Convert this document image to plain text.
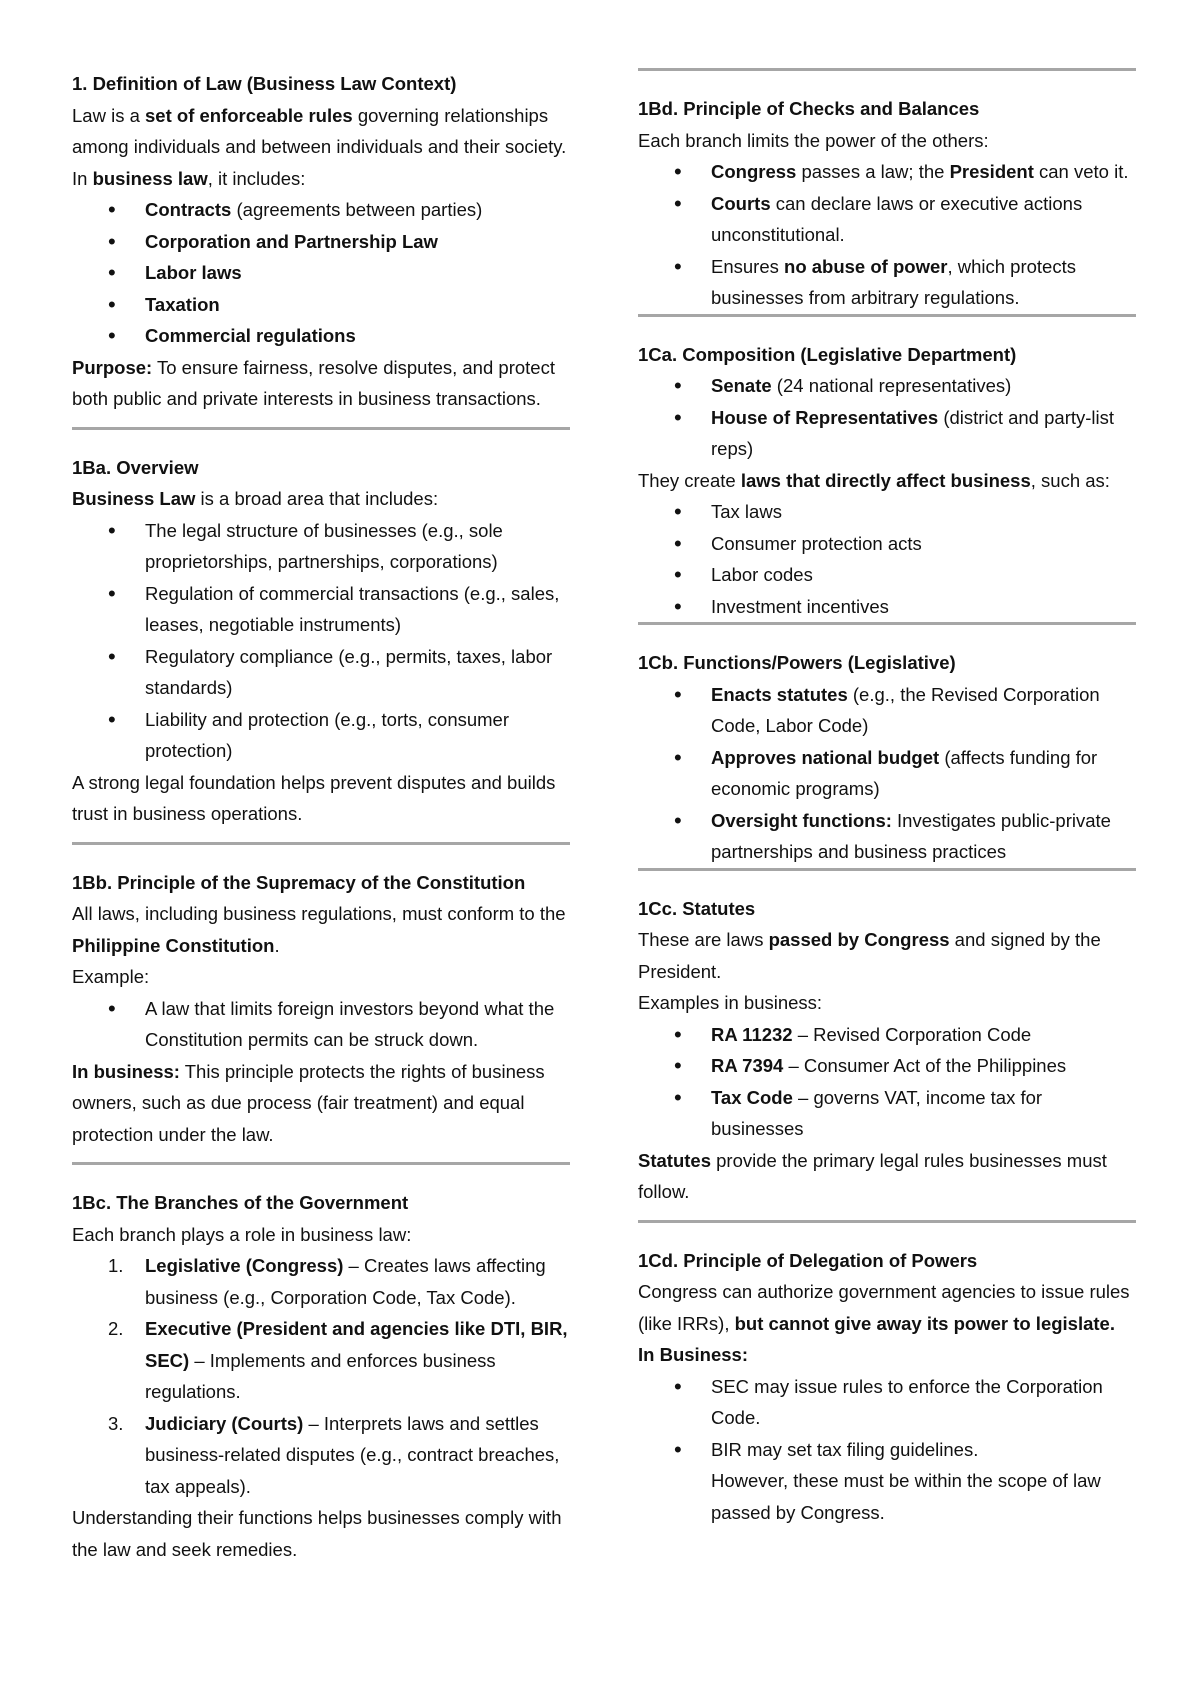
1. Definition of Law (Business Law Context)

Law is a set of enforceable rules governing relationships among individuals and between individuals and their society.

In business law, it includes:

• Contracts (agreements between parties)
• Corporation and Partnership Law
• Labor laws
• Taxation
• Commercial regulations

Purpose: To ensure fairness, resolve disputes, and protect both public and private interests in business transactions.

1Ba. Overview

Business Law is a broad area that includes:

• The legal structure of businesses (e.g., sole proprietorships, partnerships, corporations)
• Regulation of commercial transactions (e.g., sales, leases, negotiable instruments)
• Regulatory compliance (e.g., permits, taxes, labor standards)
• Liability and protection (e.g., torts, consumer protection)

A strong legal foundation helps prevent disputes and builds trust in business operations.

1Bb. Principle of the Supremacy of the Constitution

All laws, including business regulations, must conform to the Philippine Constitution.

Example:

• A law that limits foreign investors beyond what the Constitution permits can be struck down.

In business: This principle protects the rights of business owners, such as due process (fair treatment) and equal protection under the law.

1Bc. The Branches of the Government

Each branch plays a role in business law:

1. Legislative (Congress) – Creates laws affecting business (e.g., Corporation Code, Tax Code).
2. Executive (President and agencies like DTI, BIR, SEC) – Implements and enforces business regulations.
3. Judiciary (Courts) – Interprets laws and settles business-related disputes (e.g., contract breaches, tax appeals).

Understanding their functions helps businesses comply with the law and seek remedies.

1Bd. Principle of Checks and Balances

Each branch limits the power of the others:

• Congress passes a law; the President can veto it.
• Courts can declare laws or executive actions unconstitutional.
• Ensures no abuse of power, which protects businesses from arbitrary regulations.
1Ca. Composition (Legislative Department)
• Senate (24 national representatives)
• House of Representatives (district and party-list reps)

They create laws that directly affect business, such as:

• Tax laws
• Consumer protection acts
• Labor codes
• Investment incentives
1Cb. Functions/Powers (Legislative)
• Enacts statutes (e.g., the Revised Corporation Code, Labor Code)
• Approves national budget (affects funding for economic programs)
• Oversight functions: Investigates public-private partnerships and business practices
1Cc. Statutes

These are laws passed by Congress and signed by the President.

Examples in business:

• RA 11232 – Revised Corporation Code
• RA 7394 – Consumer Act of the Philippines
• Tax Code – governs VAT, income tax for businesses

Statutes provide the primary legal rules businesses must follow.

1Cd. Principle of Delegation of Powers

Congress can authorize government agencies to issue rules (like IRRs), but cannot give away its power to legislate.

In Business:

• SEC may issue rules to enforce the Corporation Code.
• BIR may set tax filing guidelines.
However, these must be within the scope of law passed by Congress.
